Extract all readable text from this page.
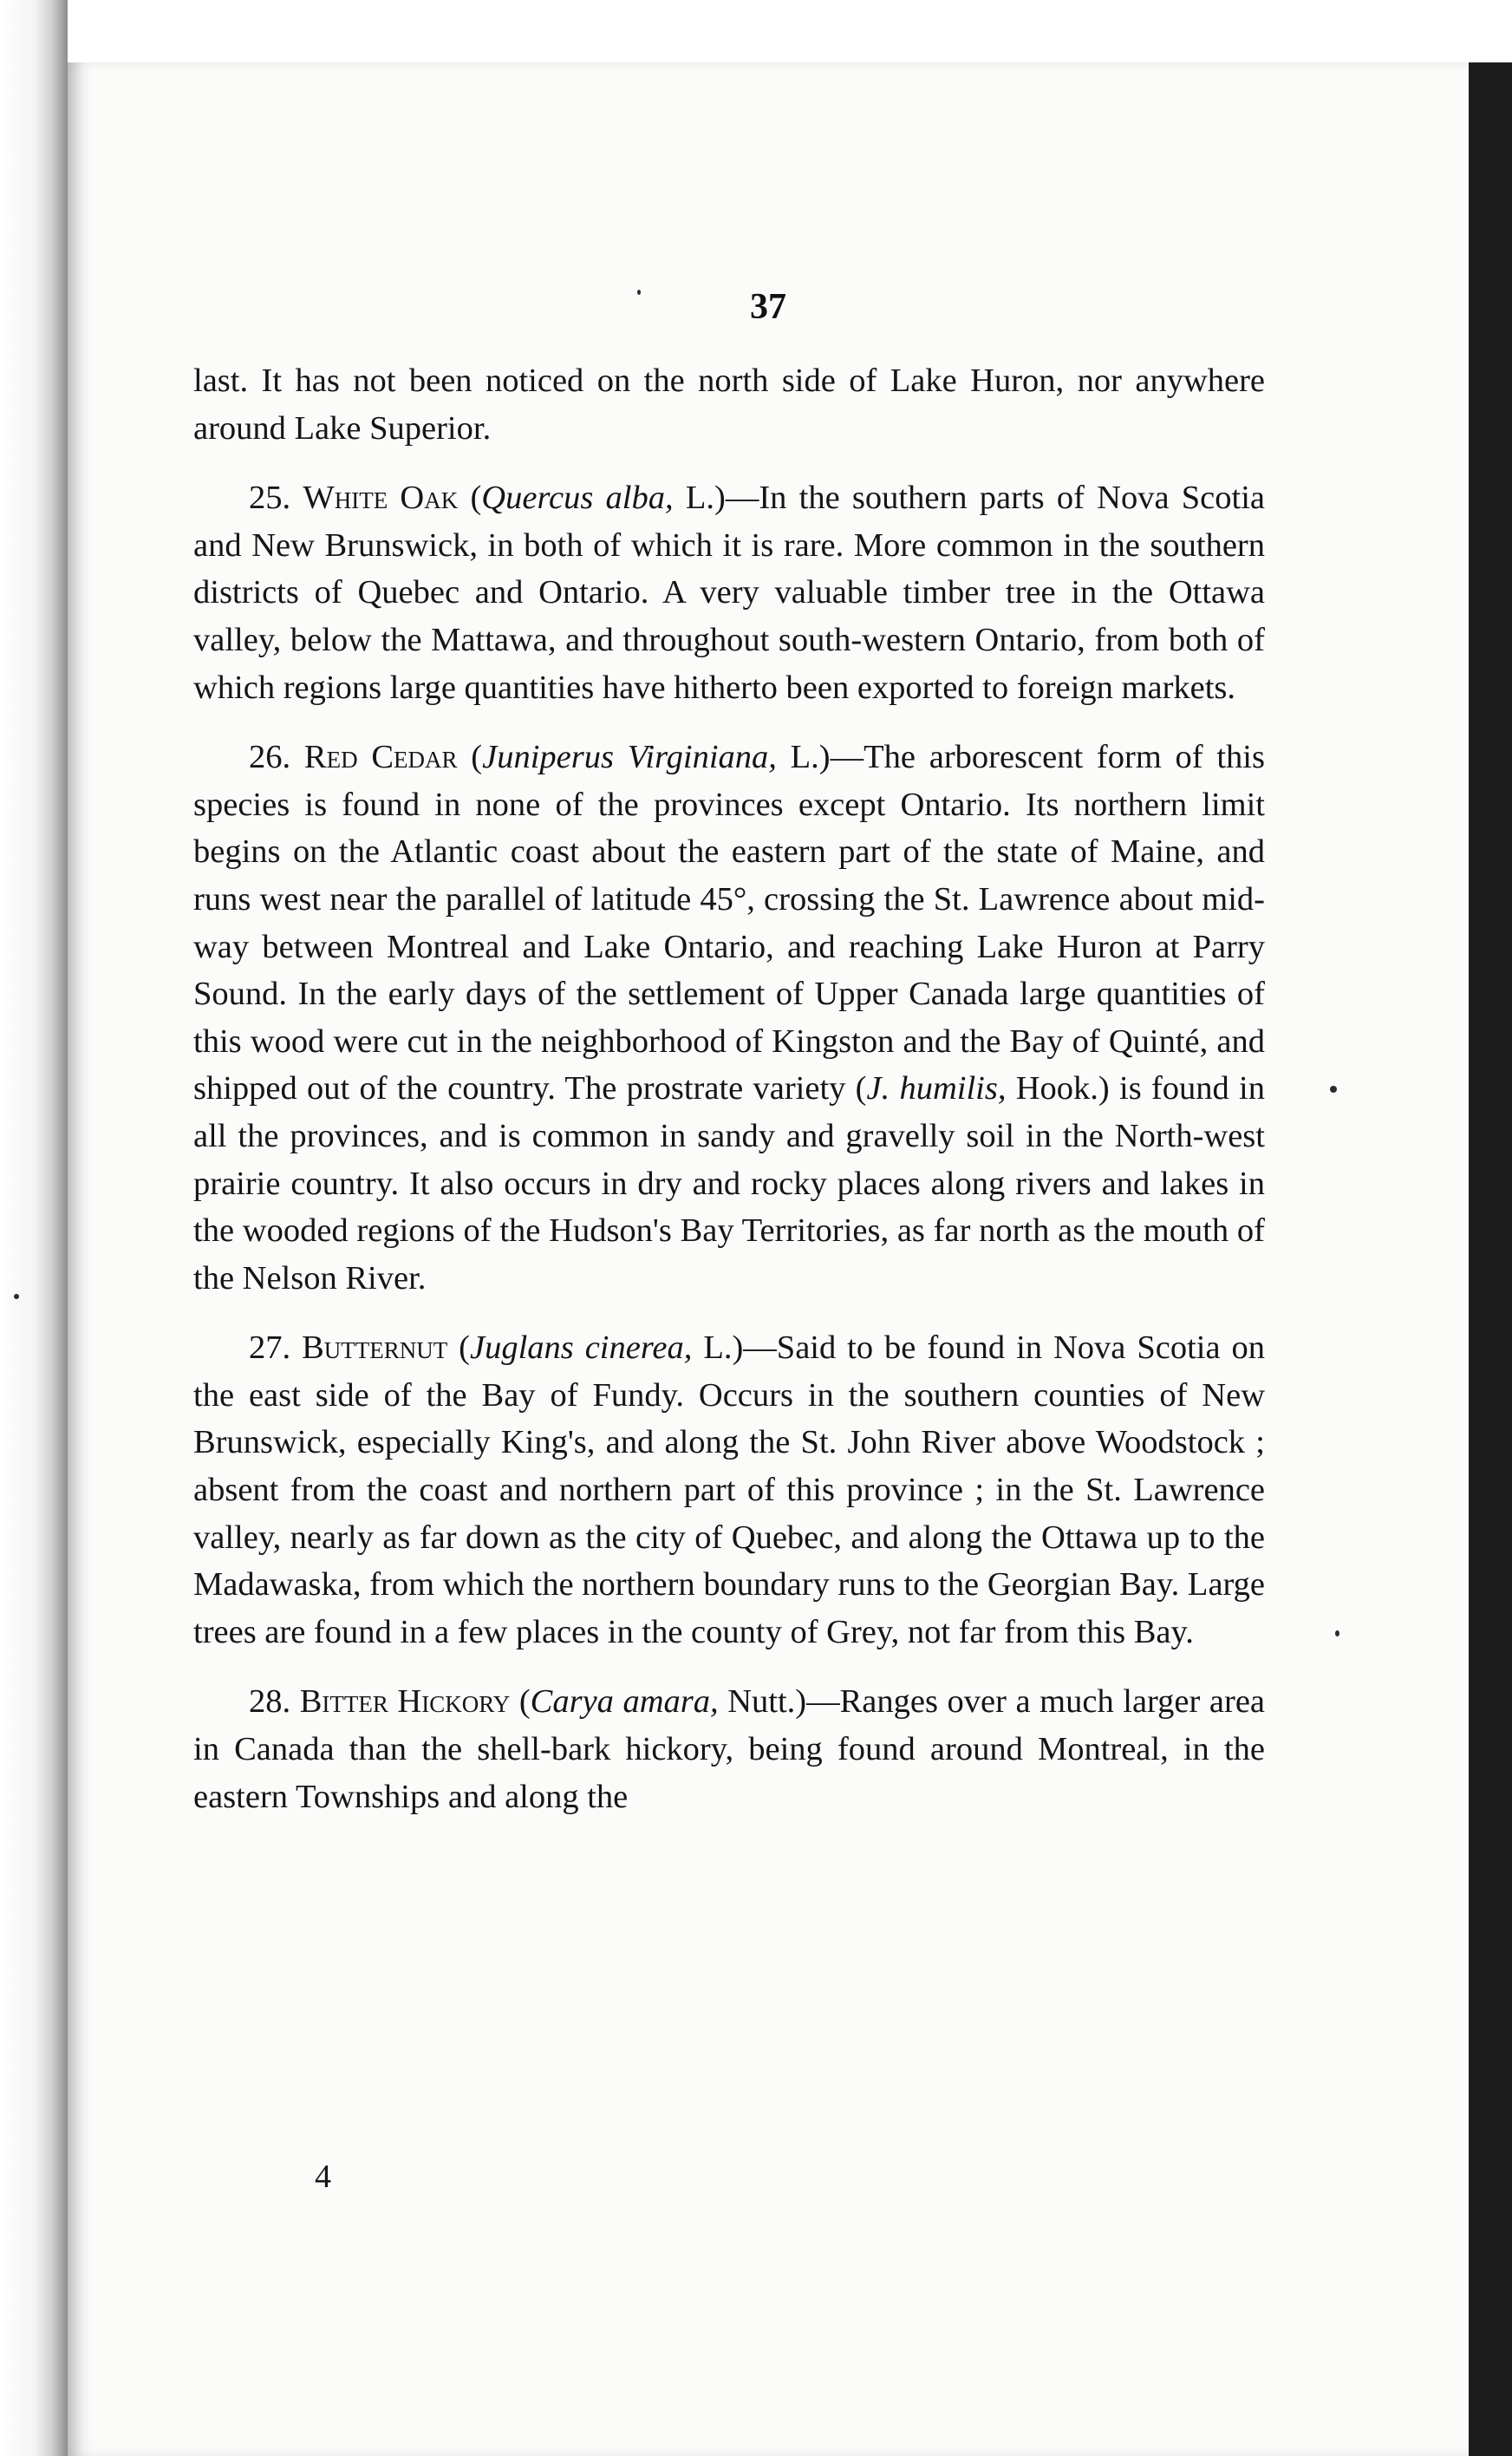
37

last. It has not been noticed on the north side of Lake Huron, nor anywhere around Lake Superior.

25. White Oak (Quercus alba, L.)—In the southern parts of Nova Scotia and New Brunswick, in both of which it is rare. More common in the southern districts of Quebec and Ontario. A very valuable timber tree in the Ottawa valley, below the Mattawa, and throughout south-western Ontario, from both of which regions large quantities have hitherto been exported to foreign markets.

26. Red Cedar (Juniperus Virginiana, L.)—The arborescent form of this species is found in none of the provinces except Ontario. Its northern limit begins on the Atlantic coast about the eastern part of the state of Maine, and runs west near the parallel of latitude 45°, crossing the St. Lawrence about mid-way between Montreal and Lake Ontario, and reaching Lake Huron at Parry Sound. In the early days of the settlement of Upper Canada large quantities of this wood were cut in the neighborhood of Kingston and the Bay of Quinté, and shipped out of the country. The prostrate variety (J. humilis, Hook.) is found in all the provinces, and is common in sandy and gravelly soil in the North-west prairie country. It also occurs in dry and rocky places along rivers and lakes in the wooded regions of the Hudson's Bay Territories, as far north as the mouth of the Nelson River.

27. Butternut (Juglans cinerea, L.)—Said to be found in Nova Scotia on the east side of the Bay of Fundy. Occurs in the southern counties of New Brunswick, especially King's, and along the St. John River above Woodstock ; absent from the coast and northern part of this province ; in the St. Lawrence valley, nearly as far down as the city of Quebec, and along the Ottawa up to the Madawaska, from which the northern boundary runs to the Georgian Bay. Large trees are found in a few places in the county of Grey, not far from this Bay.

28. Bitter Hickory (Carya amara, Nutt.)—Ranges over a much larger area in Canada than the shell-bark hickory, being found around Montreal, in the eastern Townships and along the

4
